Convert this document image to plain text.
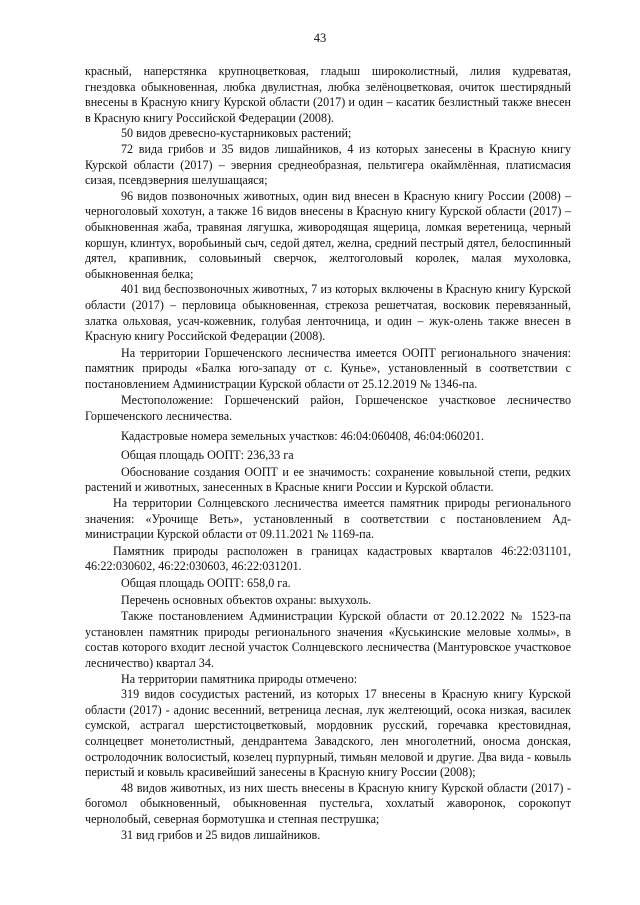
43

красный, наперстянка крупноцветковая, гладыш широколистный, лилия кудреватая, гнездовка обыкновенная, любка двулистная, любка зелёноцветковая, очиток шестирядный внесены в Красную книгу Курской области (2017) и один – касатик безлистный также внесен в Красную книгу Российской Федерации (2008).

50 видов древесно-кустарниковых растений;

72 вида грибов и 35 видов лишайников, 4 из которых занесены в Красную книгу Курской области (2017) – эверния среднеобразная, пельтигера окаймлённая, платисмасия сизая, псевдэверния шелушащаяся;

96 видов позвоночных животных, один вид внесен в Красную книгу России (2008) – черноголовый хохотун, а также 16 видов внесены в Красную книгу Курской области (2017) – обыкновенная жаба, травяная лягушка, живородящая ящерица, ломкая веретеница, черный коршун, клинтух, воробьиный сыч, седой дятел, желна, средний пестрый дятел, белоспинный дятел, крапивник, соловьиный сверчок, желтоголовый королек, малая мухоловка, обыкновенная белка;

401 вид беспозвоночных животных, 7 из которых включены в Красную книгу Курской области (2017) – перловица обыкновенная, стрекоза решетчатая, восковик перевязанный, златка ольховая, усач-кожевник, голубая ленточница, и один – жук-олень также внесен в Красную книгу Российской Федерации (2008).

На территории Горшеченского лесничества имеется ООПТ регионального значения: памятник природы «Балка юго-западу от с. Куньe», установленный в соответствии с постановлением Администрации Курской области от 25.12.2019 № 1346-па.

Местоположение: Горшеченский район, Горшеченское участковое лесничество Горшеченского лесничества.

Кадастровые номера земельных участков: 46:04:060408, 46:04:060201.

Общая площадь ООПТ: 236,33 га

Обоснование создания ООПТ и ее значимость: сохранение ковыльной степи, редких растений и животных, занесенных в Красные книги России и Курской области.

На территории Солнцевского лесничества имеется памятник природы регионального значения: «Урочище Веть», установленный в соответствии с постановлением Администрации Курской области от 09.11.2021 № 1169-па.

Памятник природы расположен в границах кадастровых кварталов 46:22:031101, 46:22:030602, 46:22:030603, 46:22:031201.

Общая площадь ООПТ: 658,0 га.

Перечень основных объектов охраны: выхухоль.

Также постановлением Администрации Курской области от 20.12.2022 № 1523-па установлен памятник природы регионального значения «Куськинские меловые холмы», в состав которого входит лесной участок Солнцевского лесничества (Мантуровское участковое лесничество) квартал 34.

На территории памятника природы отмечено:

319 видов сосудистых растений, из которых 17 внесены в Красную книгу Курской области (2017) - адонис весенний, ветреница лесная, лук желтеющий, осока низкая, василек сумской, астрагал шерстистоцветковый, мордовник русский, горечавка крестовидная, солнцецвет монетолистный, дендрантема Завадского, лен многолетний, оносма донская, остролодочник волосистый, козелец пурпурный, тимьян меловой и другие. Два вида - ковыль перистый и ковыль красивейший занесены в Красную книгу России (2008);

48 видов животных, из них шесть внесены в Красную книгу Курской области (2017) - богомол обыкновенный, обыкновенная пустельга, хохлатый жаворонок, сорокопут чернолобый, северная бормотушка и степная пеструшка;

31 вид грибов и 25 видов лишайников.
